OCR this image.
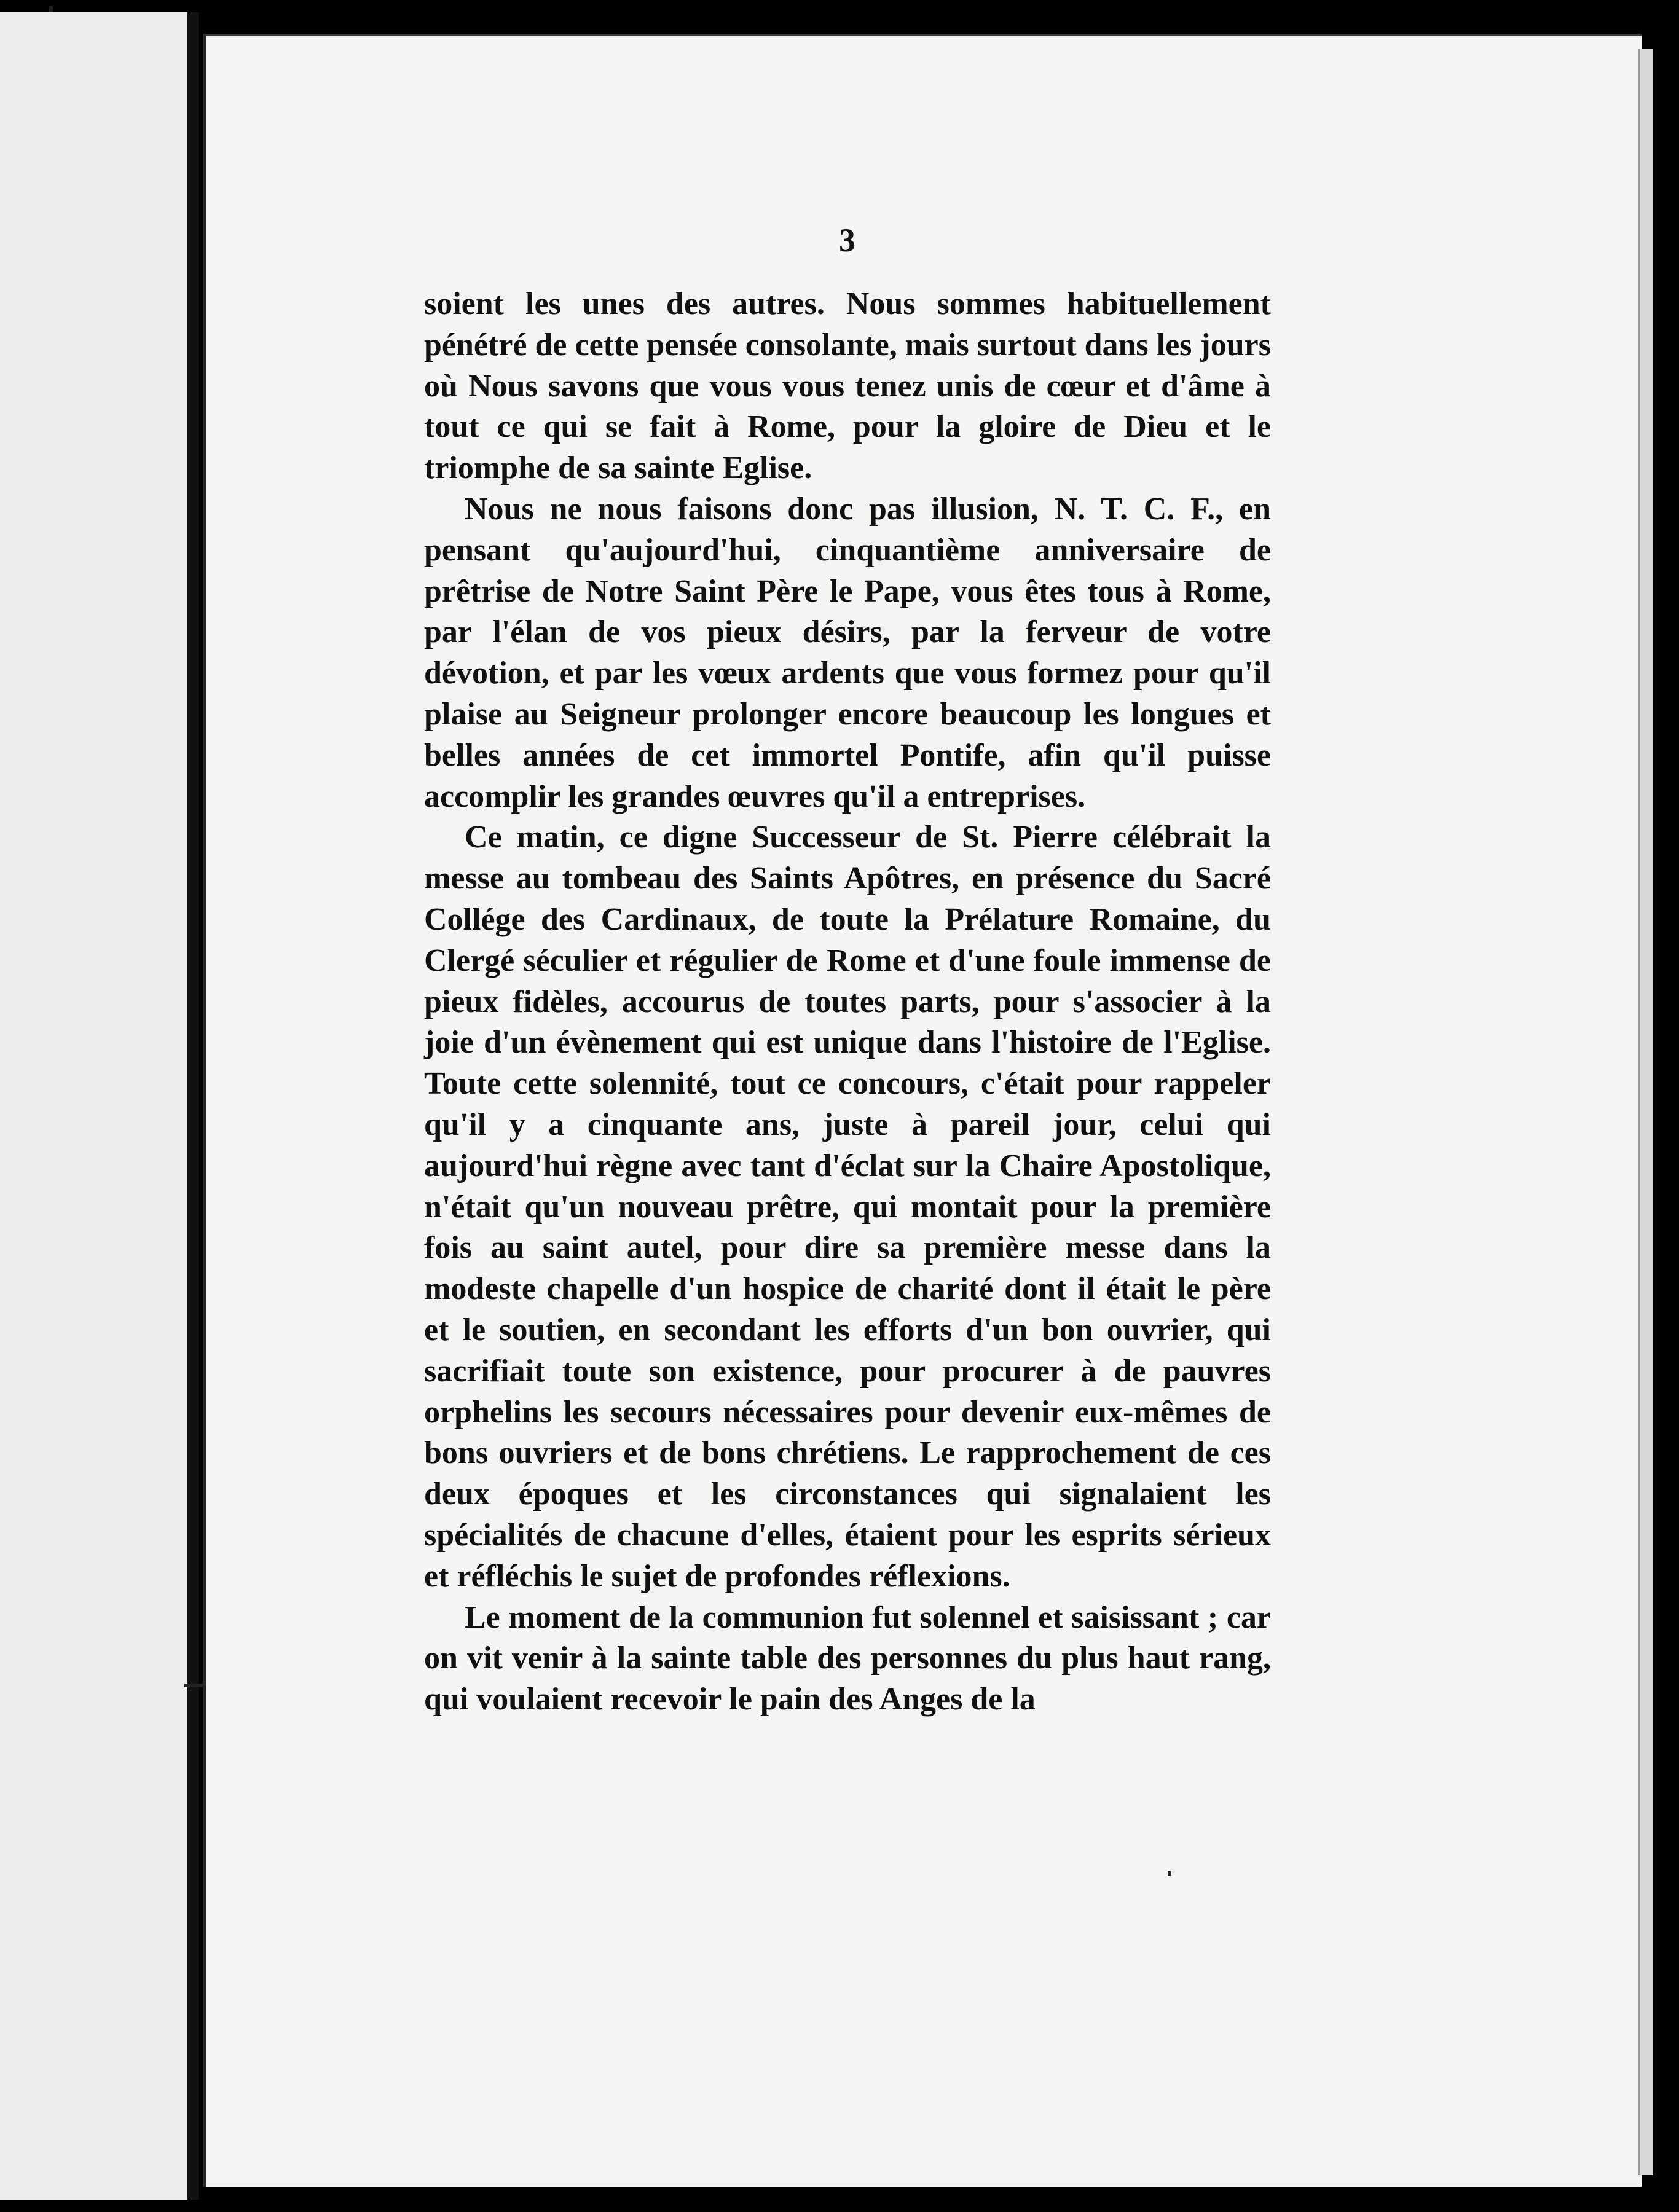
3

soient les unes des autres. Nous sommes habituellement pénétré de cette pensée consolante, mais surtout dans les jours où Nous savons que vous vous tenez unis de cœur et d'âme à tout ce qui se fait à Rome, pour la gloire de Dieu et le triomphe de sa sainte Eglise.

Nous ne nous faisons donc pas illusion, N. T. C. F., en pensant qu'aujourd'hui, cinquantième anniversaire de prêtrise de Notre Saint Père le Pape, vous êtes tous à Rome, par l'élan de vos pieux désirs, par la ferveur de votre dévotion, et par les vœux ardents que vous formez pour qu'il plaise au Seigneur prolonger encore beaucoup les longues et belles années de cet immortel Pontife, afin qu'il puisse accomplir les grandes œuvres qu'il a entreprises.

Ce matin, ce digne Successeur de St. Pierre célébrait la messe au tombeau des Saints Apôtres, en présence du Sacré Collége des Cardinaux, de toute la Prélature Romaine, du Clergé séculier et régulier de Rome et d'une foule immense de pieux fidèles, accourus de toutes parts, pour s'associer à la joie d'un évènement qui est unique dans l'histoire de l'Eglise. Toute cette solennité, tout ce concours, c'était pour rappeler qu'il y a cinquante ans, juste à pareil jour, celui qui aujourd'hui règne avec tant d'éclat sur la Chaire Apostolique, n'était qu'un nouveau prêtre, qui montait pour la première fois au saint autel, pour dire sa première messe dans la modeste chapelle d'un hospice de charité dont il était le père et le soutien, en secondant les efforts d'un bon ouvrier, qui sacrifiait toute son existence, pour procurer à de pauvres orphelins les secours nécessaires pour devenir eux-mêmes de bons ouvriers et de bons chrétiens. Le rapprochement de ces deux époques et les circonstances qui signalaient les spécialités de chacune d'elles, étaient pour les esprits sérieux et réfléchis le sujet de profondes réflexions.

Le moment de la communion fut solennel et saisissant ; car on vit venir à la sainte table des personnes du plus haut rang, qui voulaient recevoir le pain des Anges de la
